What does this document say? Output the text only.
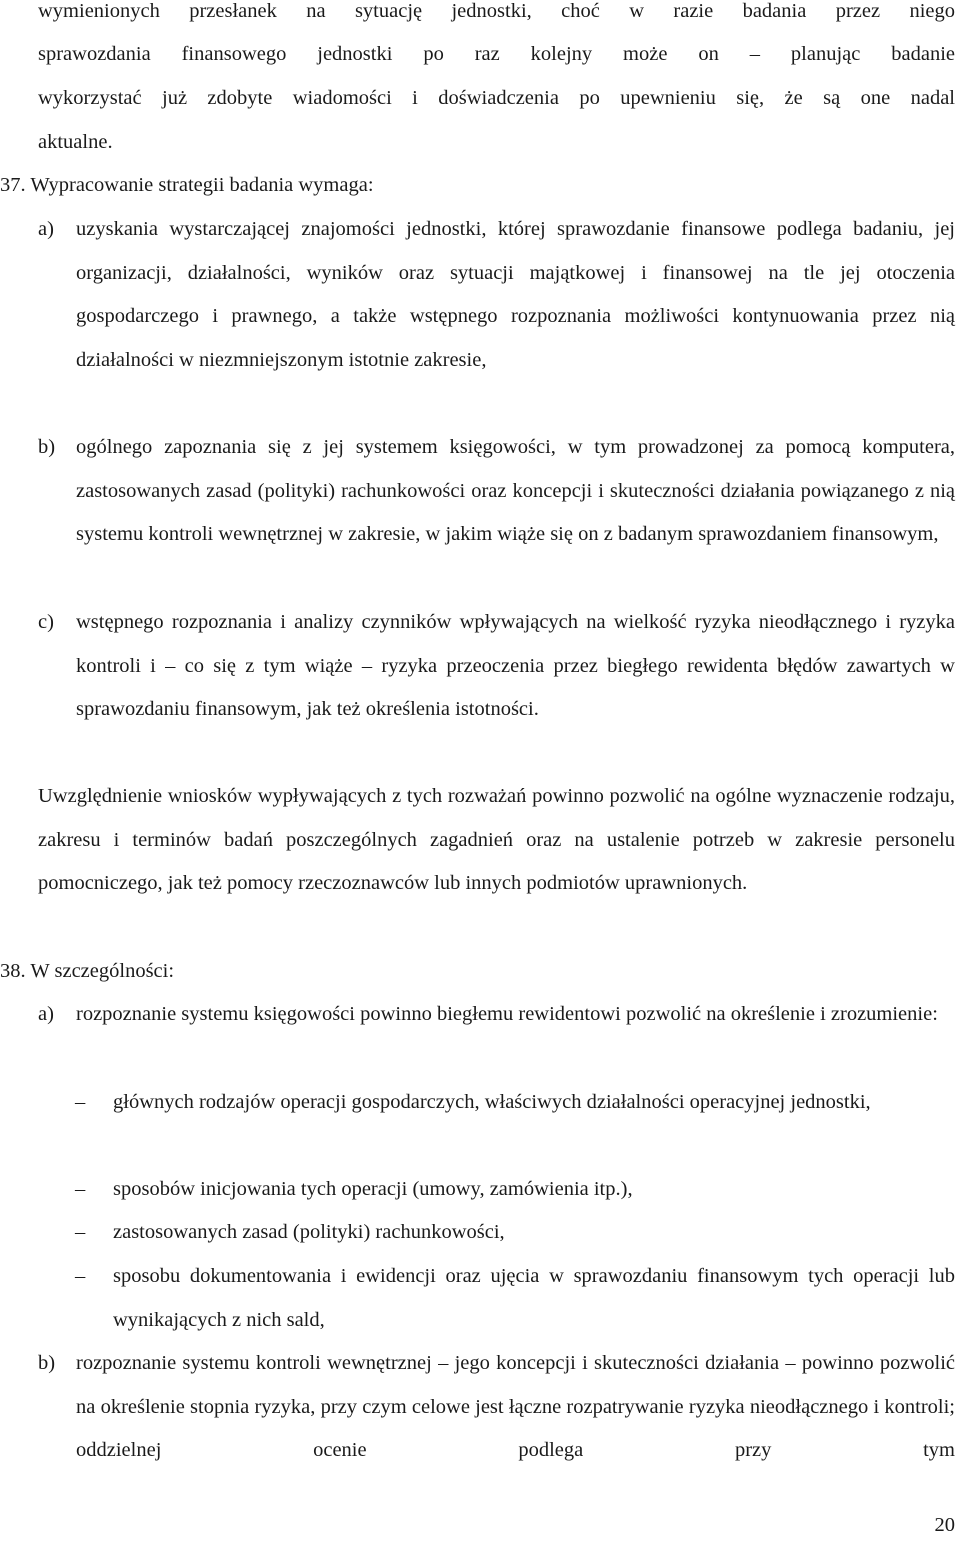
wymienionych przesłanek na sytuację jednostki, choć w razie badania przez niego
sprawozdania finansowego jednostki po raz kolejny może on – planując badanie
wykorzystać już zdobyte wiadomości i doświadczenia po upewnieniu się, że są one nadal
aktualne.
37. Wypracowanie strategii badania wymaga:
a) uzyskania wystarczającej znajomości jednostki, której sprawozdanie finansowe podlega badaniu, jej organizacji, działalności, wyników oraz sytuacji majątkowej i finansowej na tle jej otoczenia gospodarczego i prawnego, a także wstępnego rozpoznania możliwości kontynuowania przez nią działalności w niezmniejszonym istotnie zakresie,

b) ogólnego zapoznania się z jej systemem księgowości, w tym prowadzonej za pomocą komputera, zastosowanych zasad (polityki) rachunkowości oraz koncepcji i skuteczności działania powiązanego z nią systemu kontroli wewnętrznej w zakresie, w jakim wiąże się on z badanym sprawozdaniem finansowym,

c) wstępnego rozpoznania i analizy czynników wpływających na wielkość ryzyka nieodłącznego i ryzyka kontroli i – co się z tym wiąże – ryzyka przeoczenia przez biegłego rewidenta błędów zawartych w sprawozdaniu finansowym, jak też określenia istotności.

Uwzględnienie wniosków wypływających z tych rozważań powinno pozwolić na ogólne wyznaczenie rodzaju, zakresu i terminów badań poszczególnych zagadnień oraz na ustalenie potrzeb w zakresie personelu pomocniczego, jak też pomocy rzeczoznawców lub innych podmiotów uprawnionych.

38. W szczególności:
a) rozpoznanie systemu księgowości powinno biegłemu rewidentowi pozwolić na określenie i zrozumienie:

– głównych rodzajów operacji gospodarczych, właściwych działalności operacyjnej jednostki,

– sposobów inicjowania tych operacji (umowy, zamówienia itp.),

– zastosowanych zasad (polityki) rachunkowości,

– sposobu dokumentowania i ewidencji oraz ujęcia w sprawozdaniu finansowym tych operacji lub wynikających z nich sald,

b) rozpoznanie systemu kontroli wewnętrznej – jego koncepcji i skuteczności działania – powinno pozwolić na określenie stopnia ryzyka, przy czym celowe jest łączne rozpatrywanie ryzyka nieodłącznego i kontroli; oddzielnej ocenie podlega przy tym

20
